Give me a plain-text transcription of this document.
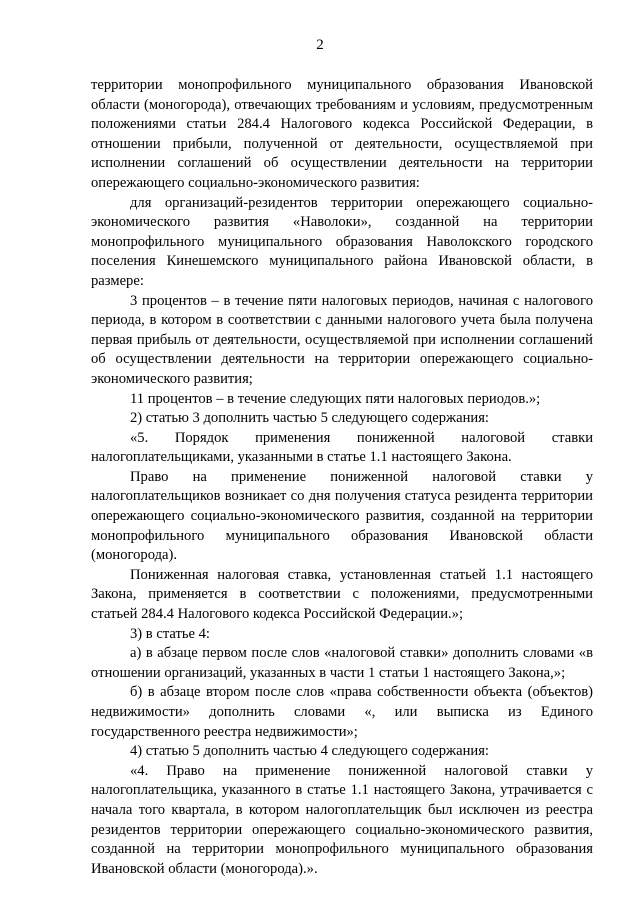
2

территории монопрофильного муниципального образования Ивановской области (моногорода), отвечающих требованиям и условиям, предусмотренным положениями статьи 284.4 Налогового кодекса Российской Федерации, в отношении прибыли, полученной от деятельности, осуществляемой при исполнении соглашений об осуществлении деятельности на территории опережающего социально-экономического развития:

для организаций-резидентов территории опережающего социально-экономического развития «Наволоки», созданной на территории монопрофильного муниципального образования Наволокского городского поселения Кинешемского муниципального района Ивановской области, в размере:

3 процентов – в течение пяти налоговых периодов, начиная с налогового периода, в котором в соответствии с данными налогового учета была получена первая прибыль от деятельности, осуществляемой при исполнении соглашений об осуществлении деятельности на территории опережающего социально-экономического развития;

11 процентов – в течение следующих пяти налоговых периодов.»;

2) статью 3 дополнить частью 5 следующего содержания:

«5. Порядок применения пониженной налоговой ставки налогоплательщиками, указанными в статье 1.1 настоящего Закона.

Право на применение пониженной налоговой ставки у налогоплательщиков возникает со дня получения статуса резидента территории опережающего социально-экономического развития, созданной на территории монопрофильного муниципального образования Ивановской области (моногорода).

Пониженная налоговая ставка, установленная статьей 1.1 настоящего Закона, применяется в соответствии с положениями, предусмотренными статьей 284.4 Налогового кодекса Российской Федерации.»;

3) в статье 4:

а) в абзаце первом после слов «налоговой ставки» дополнить словами «в отношении организаций, указанных в части 1 статьи 1 настоящего Закона,»;

б) в абзаце втором после слов «права собственности объекта (объектов) недвижимости» дополнить словами «, или выписка из Единого государственного реестра недвижимости»;

4) статью 5 дополнить частью 4 следующего содержания:

«4. Право на применение пониженной налоговой ставки у налогоплательщика, указанного в статье 1.1 настоящего Закона, утрачивается с начала того квартала, в котором налогоплательщик был исключен из реестра резидентов территории опережающего социально-экономического развития, созданной на территории монопрофильного муниципального образования Ивановской области (моногорода).».
